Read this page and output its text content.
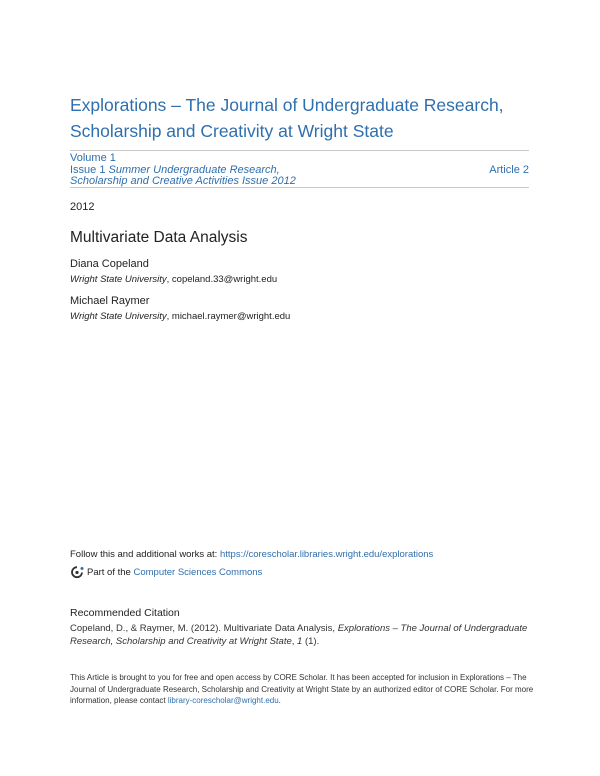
Explorations – The Journal of Undergraduate Research,
Scholarship and Creativity at Wright State
Volume 1
Issue 1 Summer Undergraduate Research,
Scholarship and Creative Activities Issue 2012
Article 2
2012
Multivariate Data Analysis
Diana Copeland
Wright State University, copeland.33@wright.edu
Michael Raymer
Wright State University, michael.raymer@wright.edu
Follow this and additional works at: https://corescholar.libraries.wright.edu/explorations
Part of the Computer Sciences Commons
Recommended Citation
Copeland, D., & Raymer, M. (2012). Multivariate Data Analysis, Explorations – The Journal of Undergraduate Research, Scholarship and Creativity at Wright State, 1 (1).
This Article is brought to you for free and open access by CORE Scholar. It has been accepted for inclusion in Explorations – The Journal of Undergraduate Research, Scholarship and Creativity at Wright State by an authorized editor of CORE Scholar. For more information, please contact library-corescholar@wright.edu.
